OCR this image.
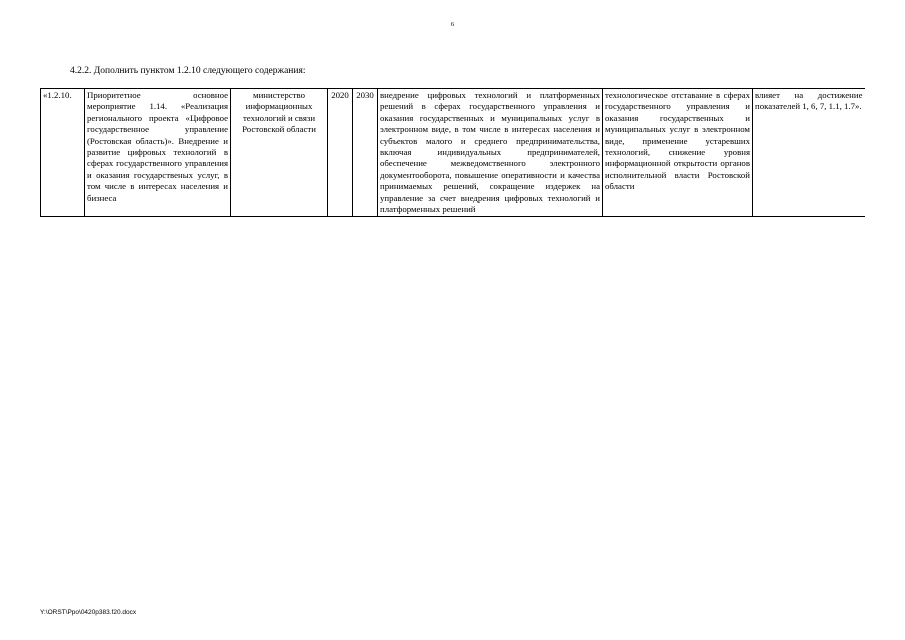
6
4.2.2. Дополнить пунктом 1.2.10 следующего содержания:
«1.2.10.	Приоритетное основное мероприятие 1.14. «Реализация регионального проекта «Цифровое государственное управление (Ростовская область)». Внедрение и развитие цифровых технологий в сферах государственного управления и оказания государственых услуг, в том числе в интересах населения и бизнеса	министерство информационных технологий и связи Ростовской области	2020	2030	внедрение цифровых технологий и платформенных решений в сферах государственного управления и оказания государственных и муниципальных услуг в электронном виде, в том числе в интересах населения и субъектов малого и среднего предпринимательства, включая индивидуальных предпринимателей, обеспечение межведомственного электронного документооборота, повышение оперативности и качества принимаемых решений, сокращение издержек на управление за счет внедрения цифровых технологий и платформенных решений	технологическое отставание в сферах государственного управления и оказания государственных и муниципальных услуг в электронном виде, применение устаревших технологий, снижение уровня информационной открытости органов исполнительной власти Ростовской области	влияет на достижение показателей 1, 6, 7, 1.1, 1.7».
Y:\ORST\Ppo\0420p383.f20.docx
